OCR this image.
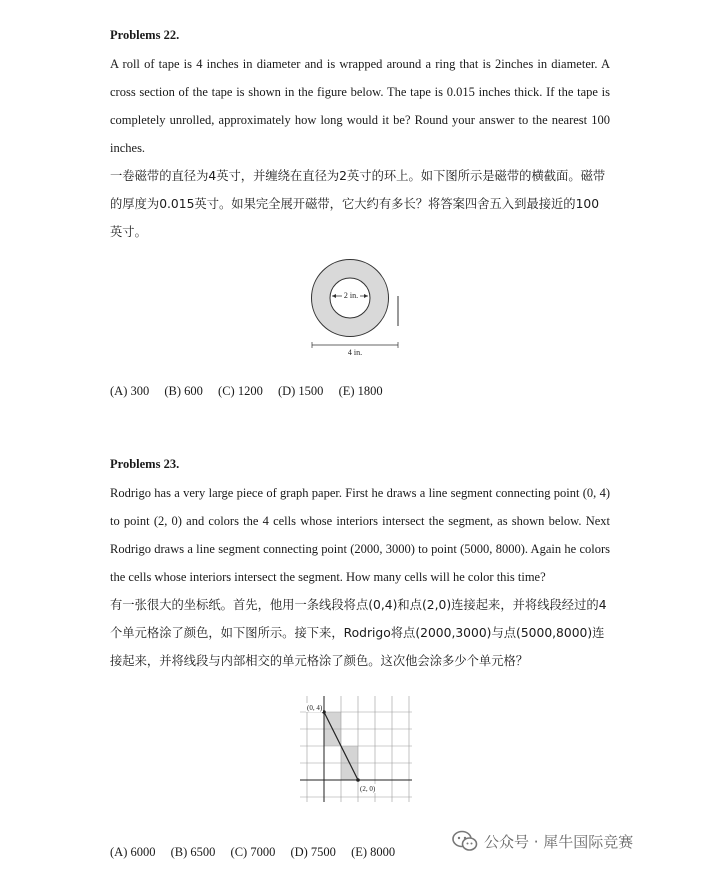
Problems 22.

A roll of tape is 4 inches in diameter and is wrapped around a ring that is 2inches in diameter. A cross section of the tape is shown in the figure below. The tape is 0.015 inches thick. If the tape is completely unrolled, approximately how long would it be? Round your answer to the nearest 100 inches.

一卷磁带的直径为4英寸，并缠绕在直径为2英寸的环上。如下图所示是磁带的横截面。磁带的厚度为0.015英寸。如果完全展开磁带，它大约有多长？将答案四舍五入到最接近的100英寸。

2 in.
4 in.
(A) 300 (B) 600 (C) 1200 (D) 1500 (E) 1800
Problems 23.

Rodrigo has a very large piece of graph paper. First he draws a line segment connecting point (0, 4) to point (2, 0) and colors the 4 cells whose interiors intersect the segment, as shown below. Next Rodrigo draws a line segment connecting point (2000, 3000) to point (5000, 8000). Again he colors the cells whose interiors intersect the segment. How many cells will he color this time?

有一张很大的坐标纸。首先，他用一条线段将点(0,4)和点(2,0)连接起来，并将线段经过的4个单元格涂了颜色，如下图所示。接下来，Rodrigo将点(2000,3000)与点(5000,8000)连接起来，并将线段与内部相交的单元格涂了颜色。这次他会涂多少个单元格？

(0, 4)
(2, 0)
(A) 6000 (B) 6500 (C) 7000 (D) 7500 (E) 8000
公众号 · 犀牛国际竞赛
